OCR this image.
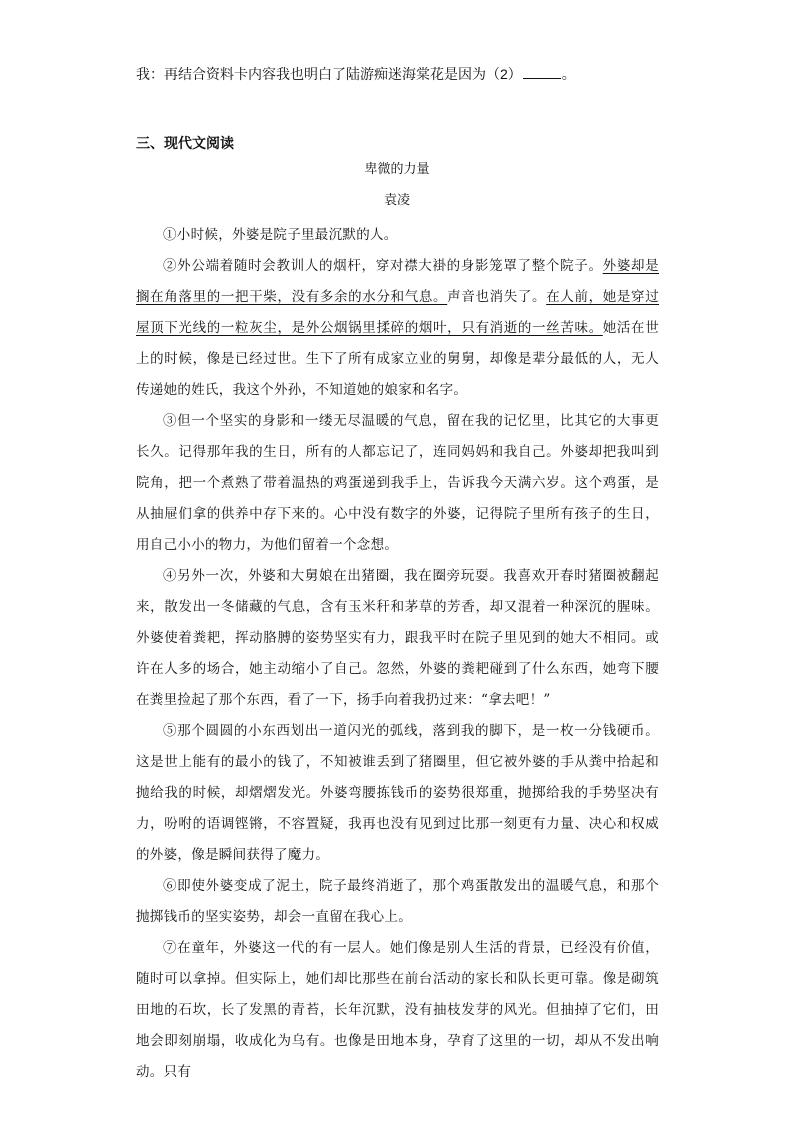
我：再结合资料卡内容我也明白了陆游痴迷海棠花是因为（2）	。
三、现代文阅读
卑微的力量
袁凌

①小时候，外婆是院子里最沉默的人。

②外公端着随时会教训人的烟杆，穿对襟大褂的身影笼罩了整个院子。外婆却是搁在角落里的一把干柴，没有多余的水分和气息。声音也消失了。在人前，她是穿过屋顶下光线的一粒灰尘，是外公烟锅里揉碎的烟叶，只有消逝的一丝苦味。她活在世上的时候，像是已经过世。生下了所有成家立业的舅舅，却像是辈分最低的人，无人传递她的姓氏，我这个外孙，不知道她的娘家和名字。

③但一个坚实的身影和一缕无尽温暖的气息，留在我的记忆里，比其它的大事更长久。记得那年我的生日，所有的人都忘记了，连同妈妈和我自己。外婆却把我叫到院角，把一个煮熟了带着温热的鸡蛋递到我手上，告诉我今天满六岁。这个鸡蛋，是从抽屉们拿的供养中存下来的。心中没有数字的外婆，记得院子里所有孩子的生日，用自己小小的物力，为他们留着一个念想。

④另外一次，外婆和大舅娘在出猪圈，我在圈旁玩耍。我喜欢开春时猪圈被翻起来，散发出一冬储藏的气息，含有玉米秆和茅草的芳香，却又混着一种深沉的腥味。外婆使着粪耙，挥动胳膊的姿势坚实有力，跟我平时在院子里见到的她大不相同。或许在人多的场合，她主动缩小了自己。忽然，外婆的粪耙碰到了什么东西，她弯下腰在粪里捡起了那个东西，看了一下，扬手向着我扔过来：“拿去吧！”

⑤那个圆圆的小东西划出一道闪光的弧线，落到我的脚下，是一枚一分钱硬币。这是世上能有的最小的钱了，不知被谁丢到了猪圈里，但它被外婆的手从粪中拾起和抛给我的时候，却熠熠发光。外婆弯腰拣钱币的姿势很郑重，抛掷给我的手势坚决有力，吩咐的语调铿锵，不容置疑，我再也没有见到过比那一刻更有力量、决心和权威的外婆，像是瞬间获得了魔力。

⑥即使外婆变成了泥土，院子最终消逝了，那个鸡蛋散发出的温暖气息，和那个抛掷钱币的坚实姿势，却会一直留在我心上。

⑦在童年，外婆这一代的有一层人。她们像是别人生活的背景，已经没有价值，随时可以拿掉。但实际上，她们却比那些在前台活动的家长和队长更可靠。像是砌筑田地的石坎，长了发黑的青苔，长年沉默，没有抽枝发芽的风光。但抽掉了它们，田地会即刻崩塌，收成化为乌有。也像是田地本身，孕育了这里的一切，却从不发出响动。只有
